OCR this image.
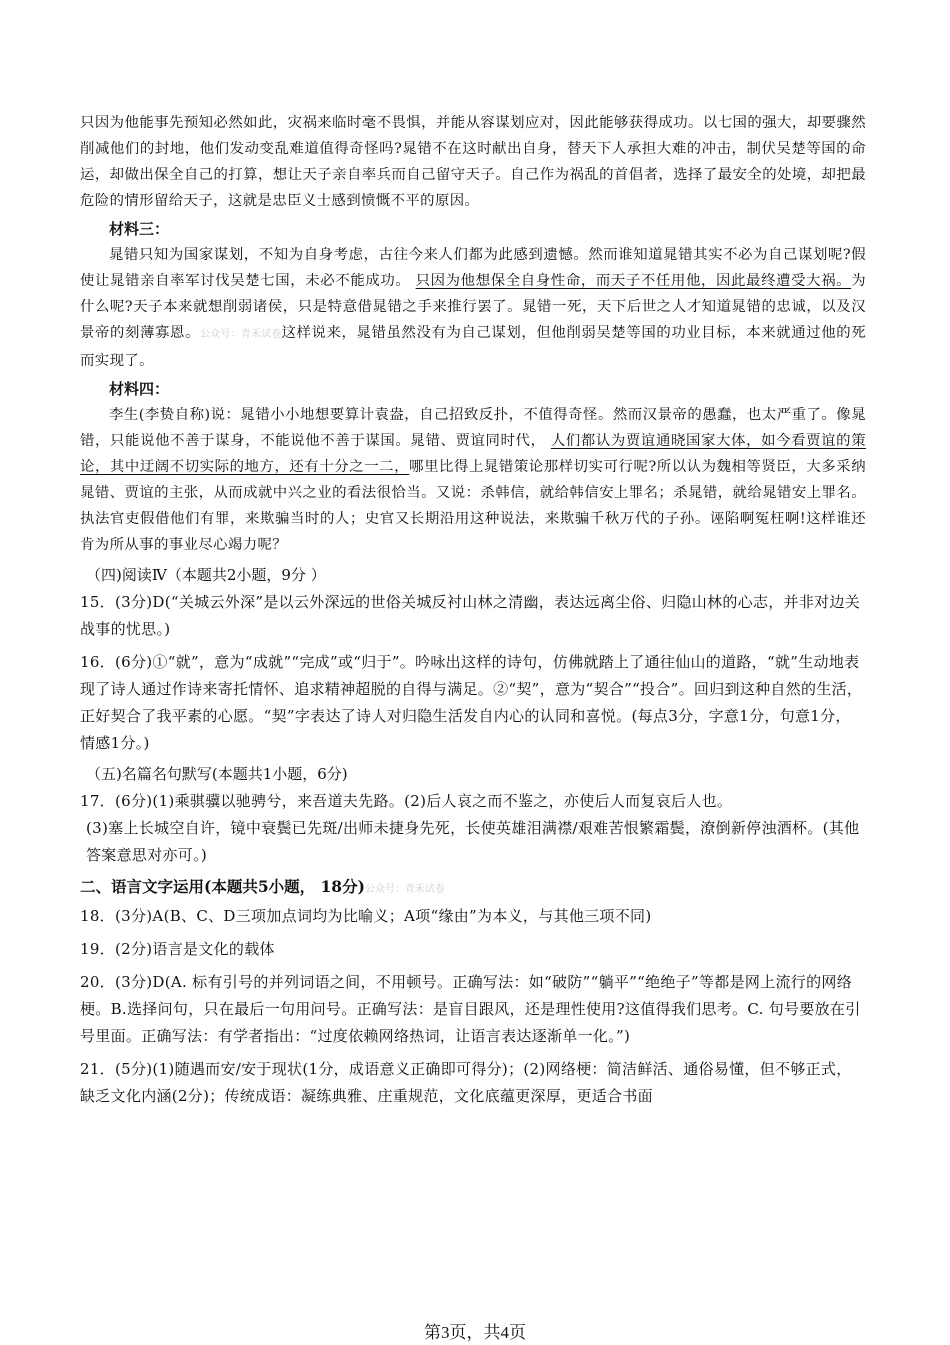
只因为他能事先预知必然如此，灾祸来临时毫不畏惧，并能从容谋划应对，因此能够获得成功。以七国的强大，却要骤然削减他们的封地，他们发动变乱难道值得奇怪吗?晁错不在这时献出自身，替天下人承担大难的冲击，制伏吴楚等国的命运，却做出保全自己的打算，想让天子亲自率兵而自己留守天子。自己作为祸乱的首倡者，选择了最安全的处境，却把最危险的情形留给天子，这就是忠臣义士感到愤慨不平的原因。

材料三：

晁错只知为国家谋划，不知为自身考虑，古往今来人们都为此感到遗憾。然而谁知道晁错其实不必为自己谋划呢?假使让晁错亲自率军讨伐吴楚七国，未必不能成功。 只因为他想保全自身性命，而天子不任用他，因此最终遭受大祸。为什么呢?天子本来就想削弱诸侯，只是特意借晁错之手来推行罢了。晁错一死，天下后世之人才知道晁错的忠诚，以及汉景帝的刻薄寡恩。公众号：青禾试卷这样说来，晁错虽然没有为自己谋划，但他削弱吴楚等国的功业目标，本来就通过他的死而实现了。

材料四：

李生(李贽自称)说：晁错小小地想要算计袁盎，自己招致反扑，不值得奇怪。然而汉景帝的愚蠢，也太严重了。像晁错，只能说他不善于谋身，不能说他不善于谋国。晁错、贾谊同时代， 人们都认为贾谊通晓国家大体，如今看贾谊的策论，其中迂阔不切实际的地方，还有十分之一二，哪里比得上晁错策论那样切实可行呢?所以认为魏相等贤臣，大多采纳晁错、贾谊的主张，从而成就中兴之业的看法很恰当。又说：杀韩信，就给韩信安上罪名；杀晁错，就给晁错安上罪名。执法官吏假借他们有罪，来欺骗当时的人；史官又长期沿用这种说法，来欺骗千秋万代的子孙。诬陷啊冤枉啊!这样谁还肯为所从事的事业尽心竭力呢？

（四)阅读Ⅳ（本题共2小题，9分 ）

15．(3分)D(“关城云外深”是以云外深远的世俗关城反衬山林之清幽，表达远离尘俗、归隐山林的心志，并非对边关战事的忧思。)

16．(6分)①“就”，意为“成就”“完成”或“归于”。吟咏出这样的诗句，仿佛就踏上了通往仙山的道路，“就”生动地表现了诗人通过作诗来寄托情怀、追求精神超脱的自得与满足。②“契”，意为“契合”“投合”。回归到这种自然的生活，正好契合了我平素的心愿。“契”字表达了诗人对归隐生活发自内心的认同和喜悦。(每点3分，字意1分，句意1分，情感1分。)

（五)名篇名句默写(本题共1小题，6分)

17．(6分)(1)乘骐骥以驰骋兮，来吾道夫先路。(2)后人哀之而不鉴之，亦使后人而复哀后人也。

(3)塞上长城空自许，镜中衰鬓已先斑/出师未捷身先死，长使英雄泪满襟/艰难苦恨繁霜鬓，潦倒新停浊酒杯。(其他答案意思对亦可。)

二、语言文字运用(本题共5小题， 18分)公众号：青禾试卷

18．(3分)A(B、C、D三项加点词均为比喻义；A项“缘由”为本义，与其他三项不同)

19．(2分)语言是文化的载体

20．(3分)D(A. 标有引号的并列词语之间，不用顿号。正确写法：如“破防”“躺平”“绝绝子”等都是网上流行的网络梗。B.选择问句，只在最后一句用问号。正确写法：是盲目跟风，还是理性使用?这值得我们思考。C. 句号要放在引号里面。正确写法：有学者指出：“过度依赖网络热词，让语言表达逐渐单一化。”)

21．(5分)(1)随遇而安/安于现状(1分，成语意义正确即可得分)；(2)网络梗：简洁鲜活、通俗易懂，但不够正式，缺乏文化内涵(2分)；传统成语：凝练典雅、庄重规范，文化底蕴更深厚，更适合书面

第3页，共4页
